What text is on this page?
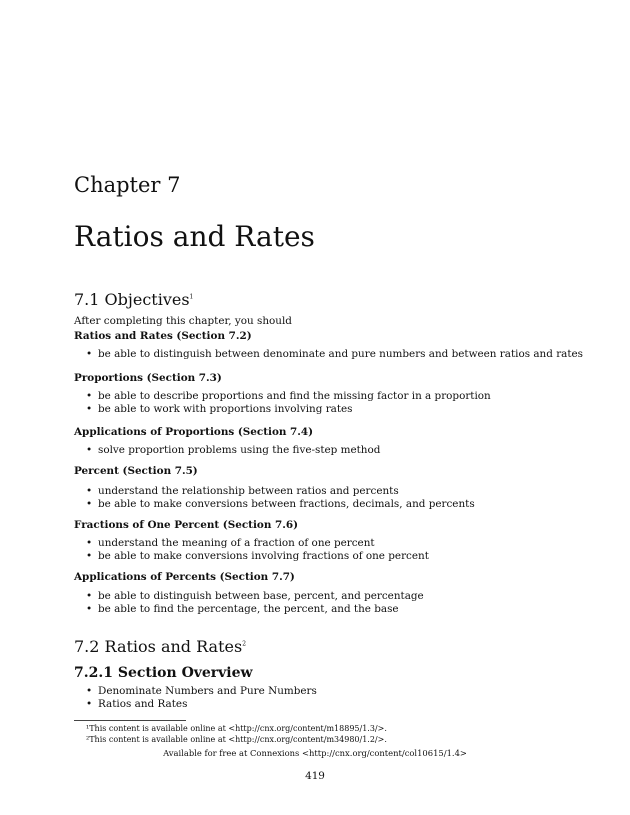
Chapter 7
Ratios and Rates
7.1 Objectives$^1$
After completing this chapter, you should
Ratios and Rates (Section 7.2)
• be able to distinguish between denominate and pure numbers and between ratios and rates
Proportions (Section 7.3)
• be able to describe proportions and find the missing factor in a proportion
• be able to work with proportions involving rates
Applications of Proportions (Section 7.4)
• solve proportion problems using the five-step method
Percent (Section 7.5)
• understand the relationship between ratios and percents
• be able to make conversions between fractions, decimals, and percents
Fractions of One Percent (Section 7.6)
• understand the meaning of a fraction of one percent
• be able to make conversions involving fractions of one percent
Applications of Percents (Section 7.7)
• be able to distinguish between base, percent, and percentage
• be able to find the percentage, the percent, and the base
7.2 Ratios and Rates$^2$
7.2.1 Section Overview
• Denominate Numbers and Pure Numbers
• Ratios and Rates
¹This content is available online at <http://cnx.org/content/m18895/1.3/>.
²This content is available online at <http://cnx.org/content/m34980/1.2/>.
Available for free at Connexions <http://cnx.org/content/col10615/1.4>
419
